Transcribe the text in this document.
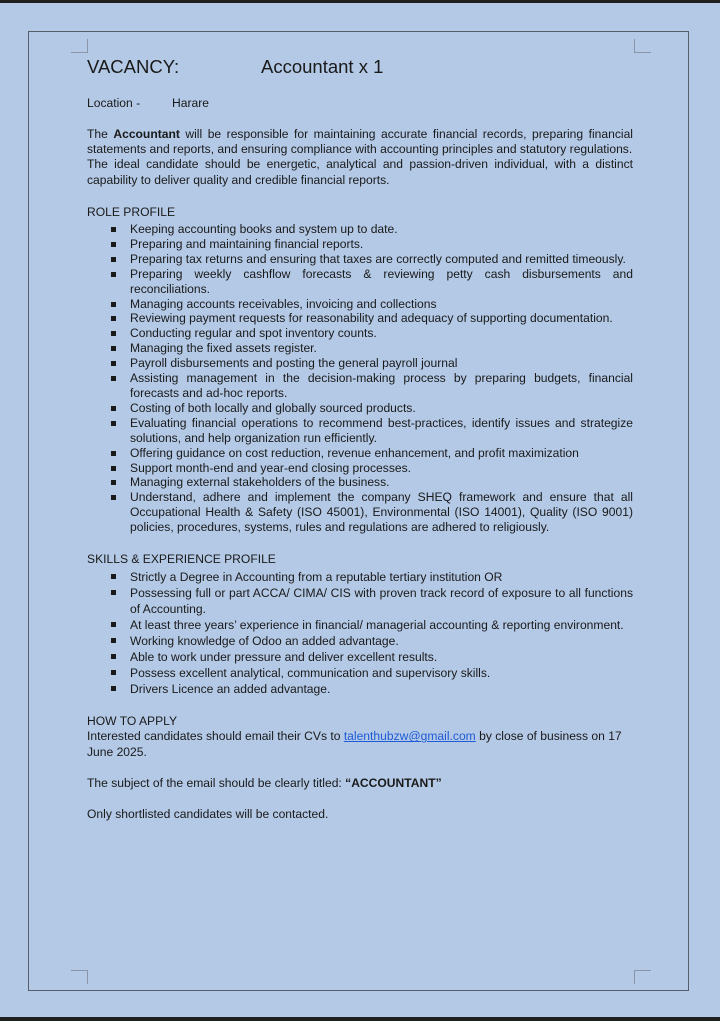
VACANCY:	Accountant x 1
Location -	Harare

The Accountant will be responsible for maintaining accurate financial records, preparing financial statements and reports, and ensuring compliance with accounting principles and statutory regulations.

The ideal candidate should be energetic, analytical and passion-driven individual, with a distinct capability to deliver quality and credible financial reports.

ROLE PROFILE
Keeping accounting books and system up to date.
Preparing and maintaining financial reports.
Preparing tax returns and ensuring that taxes are correctly computed and remitted timeously.
Preparing weekly cashflow forecasts & reviewing petty cash disbursements and reconciliations.
Managing accounts receivables, invoicing and collections
Reviewing payment requests for reasonability and adequacy of supporting documentation.
Conducting regular and spot inventory counts.
Managing the fixed assets register.
Payroll disbursements and posting the general payroll journal
Assisting management in the decision-making process by preparing budgets, financial forecasts and ad-hoc reports.
Costing of both locally and globally sourced products.
Evaluating financial operations to recommend best-practices, identify issues and strategize solutions, and help organization run efficiently.
Offering guidance on cost reduction, revenue enhancement, and profit maximization
Support month-end and year-end closing processes.
Managing external stakeholders of the business.
Understand, adhere and implement the company SHEQ framework and ensure that all Occupational Health & Safety (ISO 45001), Environmental (ISO 14001), Quality (ISO 9001) policies, procedures, systems, rules and regulations are adhered to religiously.
SKILLS & EXPERIENCE PROFILE
Strictly a Degree in Accounting from a reputable tertiary institution OR
Possessing full or part ACCA/ CIMA/ CIS with proven track record of exposure to all functions of Accounting.
At least three years’ experience in financial/ managerial accounting & reporting environment.
Working knowledge of Odoo an added advantage.
Able to work under pressure and deliver excellent results.
Possess excellent analytical, communication and supervisory skills.
Drivers Licence an added advantage.
HOW TO APPLY
Interested candidates should email their CVs to talenthubzw@gmail.com by close of business on 17 June 2025.
The subject of the email should be clearly titled: “ACCOUNTANT”
Only shortlisted candidates will be contacted.
